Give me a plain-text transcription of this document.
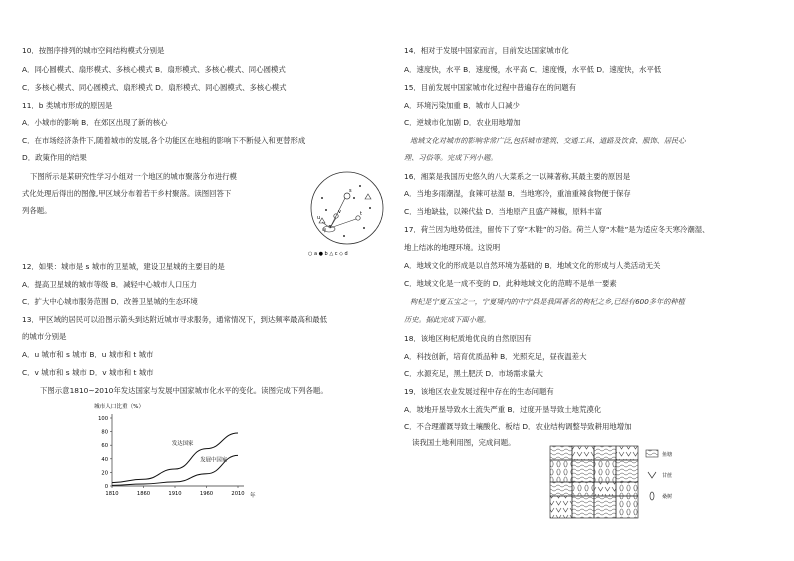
10．按图序排列的城市空间结构模式分别是
A．同心圆模式、扇形模式、多核心模式 B．扇形模式、多核心模式、同心圆模式
C．多核心模式、同心圆模式、扇形模式 D．扇形模式、同心圆模式、多核心模式
11．b 类城市形成的原因是
A．小城市的影响 B．在郊区出现了新的核心
C．在市场经济条件下,随着城市的发展,各个功能区在地租的影响下不断侵入和更替形成
D．政策作用的结果
下图所示是某研究性学习小组对一个地区的城市聚落分布进行模
式化处理后得出的图像,甲区域分布着若干乡村聚落。读图回答下
列各题。
s
v	t
u
甲
○ a ● b △ c ◇ d
12．如果：城市是 s 城市的卫星城，建设卫星城的主要目的是
A．提高卫星城的城市等级 B．减轻中心城市人口压力
C．扩大中心城市服务范围 D．改善卫星城的生态环境
13．甲区域的居民可以沿图示箭头到达附近城市寻求服务，通常情况下，到达频率最高和最低
的城市分别是
A．u 城市和 s 城市 B．u 城市和 t 城市
C．v 城市和 s 城市 D．v 城市和 t 城市
下图示意1810~2010年发达国家与发展中国家城市化水平的变化。读图完成下列各题。
城市人口比重（%）
0
20
40
60
80
100
1810	1860	1910	1960	2010
发达国家
发展中国家
年
14．相对于发展中国家而言，目前发达国家城市化
A．速度快，水平 B．速度慢，水平高 C．速度慢，水平低 D．速度快，水平低
15．目前发展中国家城市化过程中普遍存在的问题有
A．环境污染加重 B．城市人口减少
C．逆城市化加剧 D．农业用地增加
地域文化对城市的影响非常广泛,包括城市建筑、交通工具、道路及饮食、服饰、居民心
理、习俗等。完成下列小题。
16．湘菜是我国历史悠久的八大菜系之一以辣著称,其最主要的原因是
A．当地多雨潮湿，食辣可祛湿 B．当地寒冷，重油重辣食物便于保存
C．当地缺盐，以辣代盐 D．当地原产且盛产辣椒，原料丰富
17．荷兰因为地势低洼，留传下了穿“木鞋”的习俗。荷兰人穿“木鞋”是为适应冬天寒冷潮湿、
地上结冰的地理环境。这说明
A．地域文化的形成是以自然环境为基础的 B．地域文化的形成与人类活动无关
C．地域文化是一成不变的 D．此种地域文化的范畴不是单一要素
枸杞是宁夏五宝之一，宁夏境内的中宁县是我国著名的枸杞之乡,已经有600多年的种植
历史。据此完成下面小题。
18．该地区枸杞质地优良的自然原因有
A．科技创新，培育优质品种 B．光照充足，昼夜温差大
C．水源充足，黑土肥沃 D．市场需求量大
19．该地区农业发展过程中存在的生态问题有
A．坡地开垦导致水土流失严重 B．过度开垦导致土地荒漠化
C．不合理灌溉导致土壤酸化、板结 D．农业结构调整导致耕用地增加
读我国土地利用图，完成问题。
鱼塘
甘蔗
桑树
